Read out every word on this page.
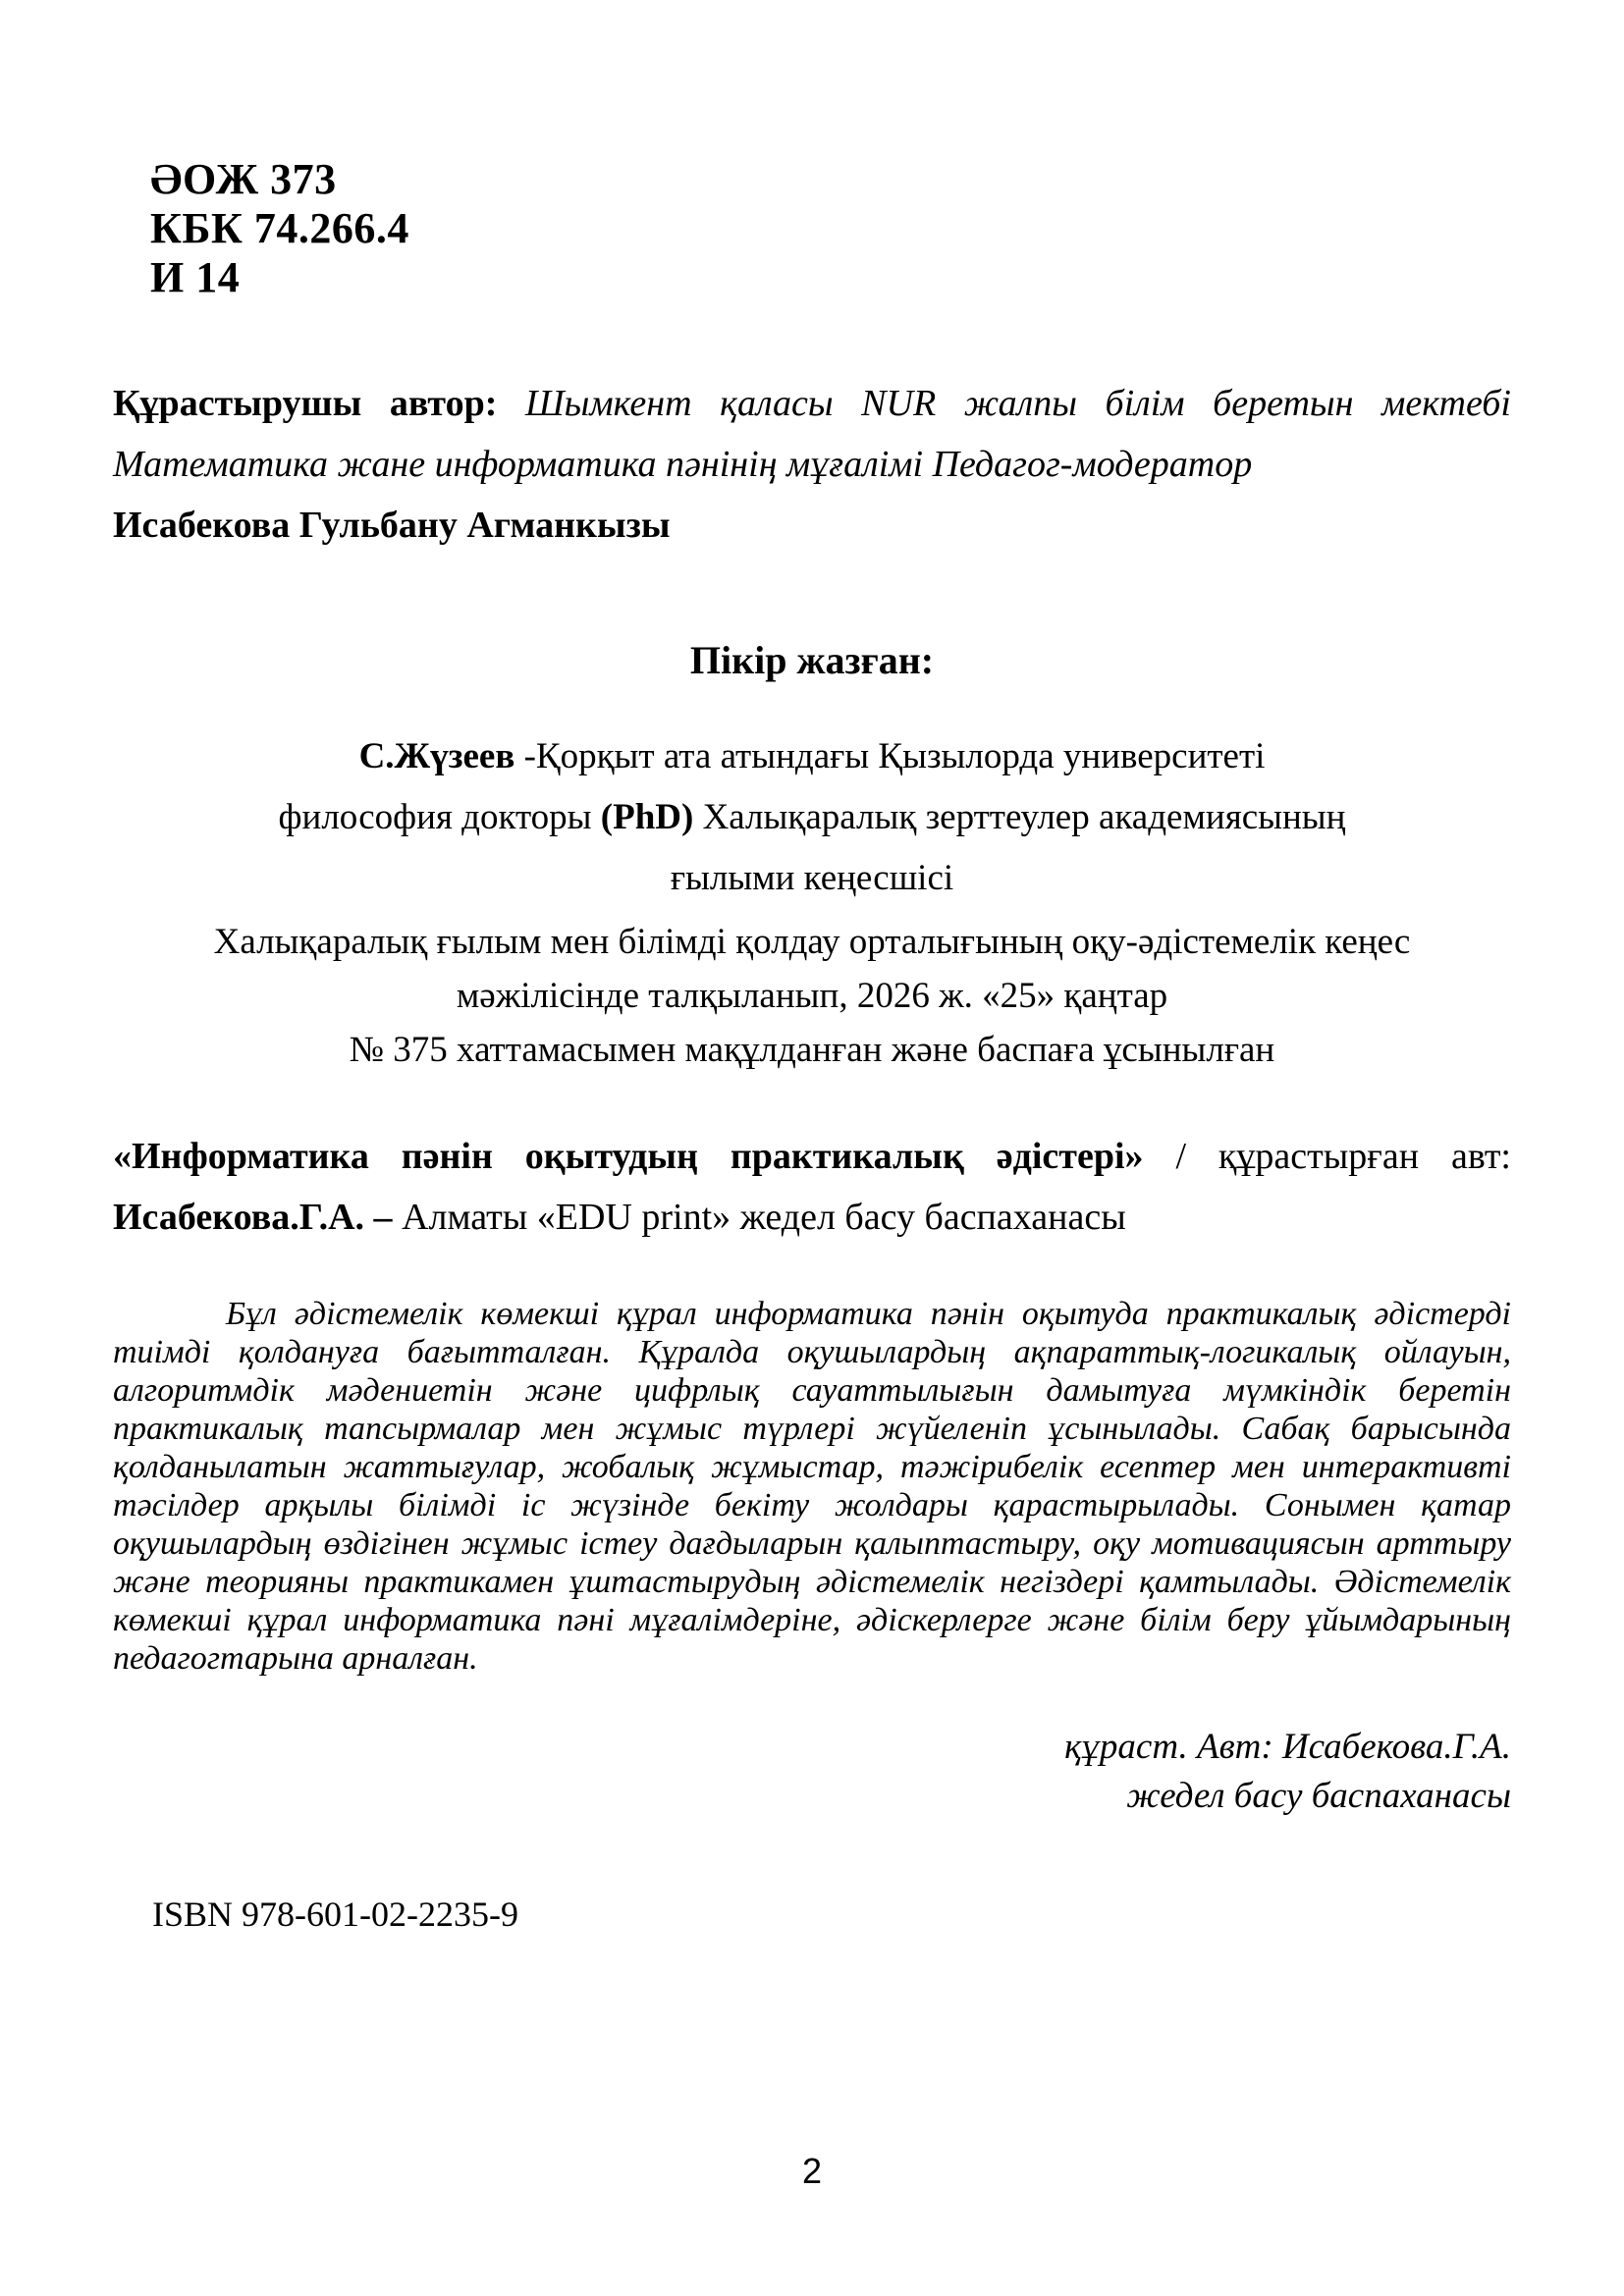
ӘОЖ 373
КБК 74.266.4
И 14
Құрастырушы автор: Шымкент қаласы NUR жалпы білім беретын мектебі
Математика жане информатика пәнінің мұғалімі Педагог-модератор
Исабекова Гульбану Агманкызы
Пікір жазған:
С.Жүзеев -Қорқыт ата атындағы Қызылорда университеті
философия докторы (PhD) Халықаралық зерттеулер академиясының
ғылыми кеңесшісі
Халықаралық ғылым мен білімді қолдау орталығының оқу-әдістемелік кеңес
мәжілісінде талқыланып, 2026 ж. «25» қаңтар
№ 375 хаттамасымен мақұлданған және баспаға ұсынылған
«Информатика пәнін оқытудың практикалық әдістері» / құрастырған авт:
Исабекова.Г.А. – Алматы «EDU print» жедел басу баспаханасы
Бұл әдістемелік көмекші құрал информатика пәнін оқытуда практикалық әдістерді тиімді қолдануға бағытталған. Құралда оқушылардың ақпараттық-логикалық ойлауын, алгоритмдік мәдениетін және цифрлық сауаттылығын дамытуға мүмкіндік беретін практикалық тапсырмалар мен жұмыс түрлері жүйеленіп ұсынылады. Сабақ барысында қолданылатын жаттығулар, жобалық жұмыстар, тәжірибелік есептер мен интерактивті тәсілдер арқылы білімді іс жүзінде бекіту жолдары қарастырылады. Сонымен қатар оқушылардың өздігінен жұмыс істеу дағдыларын қалыптастыру, оқу мотивациясын арттыру және теорияны практикамен ұштастырудың әдістемелік негіздері қамтылады. Әдістемелік көмекші құрал информатика пәні мұғалімдеріне, әдіскерлерге және білім беру ұйымдарының педагогтарына арналған.
құраст. Авт: Исабекова.Г.А.
жедел басу баспаханасы
ISBN 978-601-02-2235-9
2
